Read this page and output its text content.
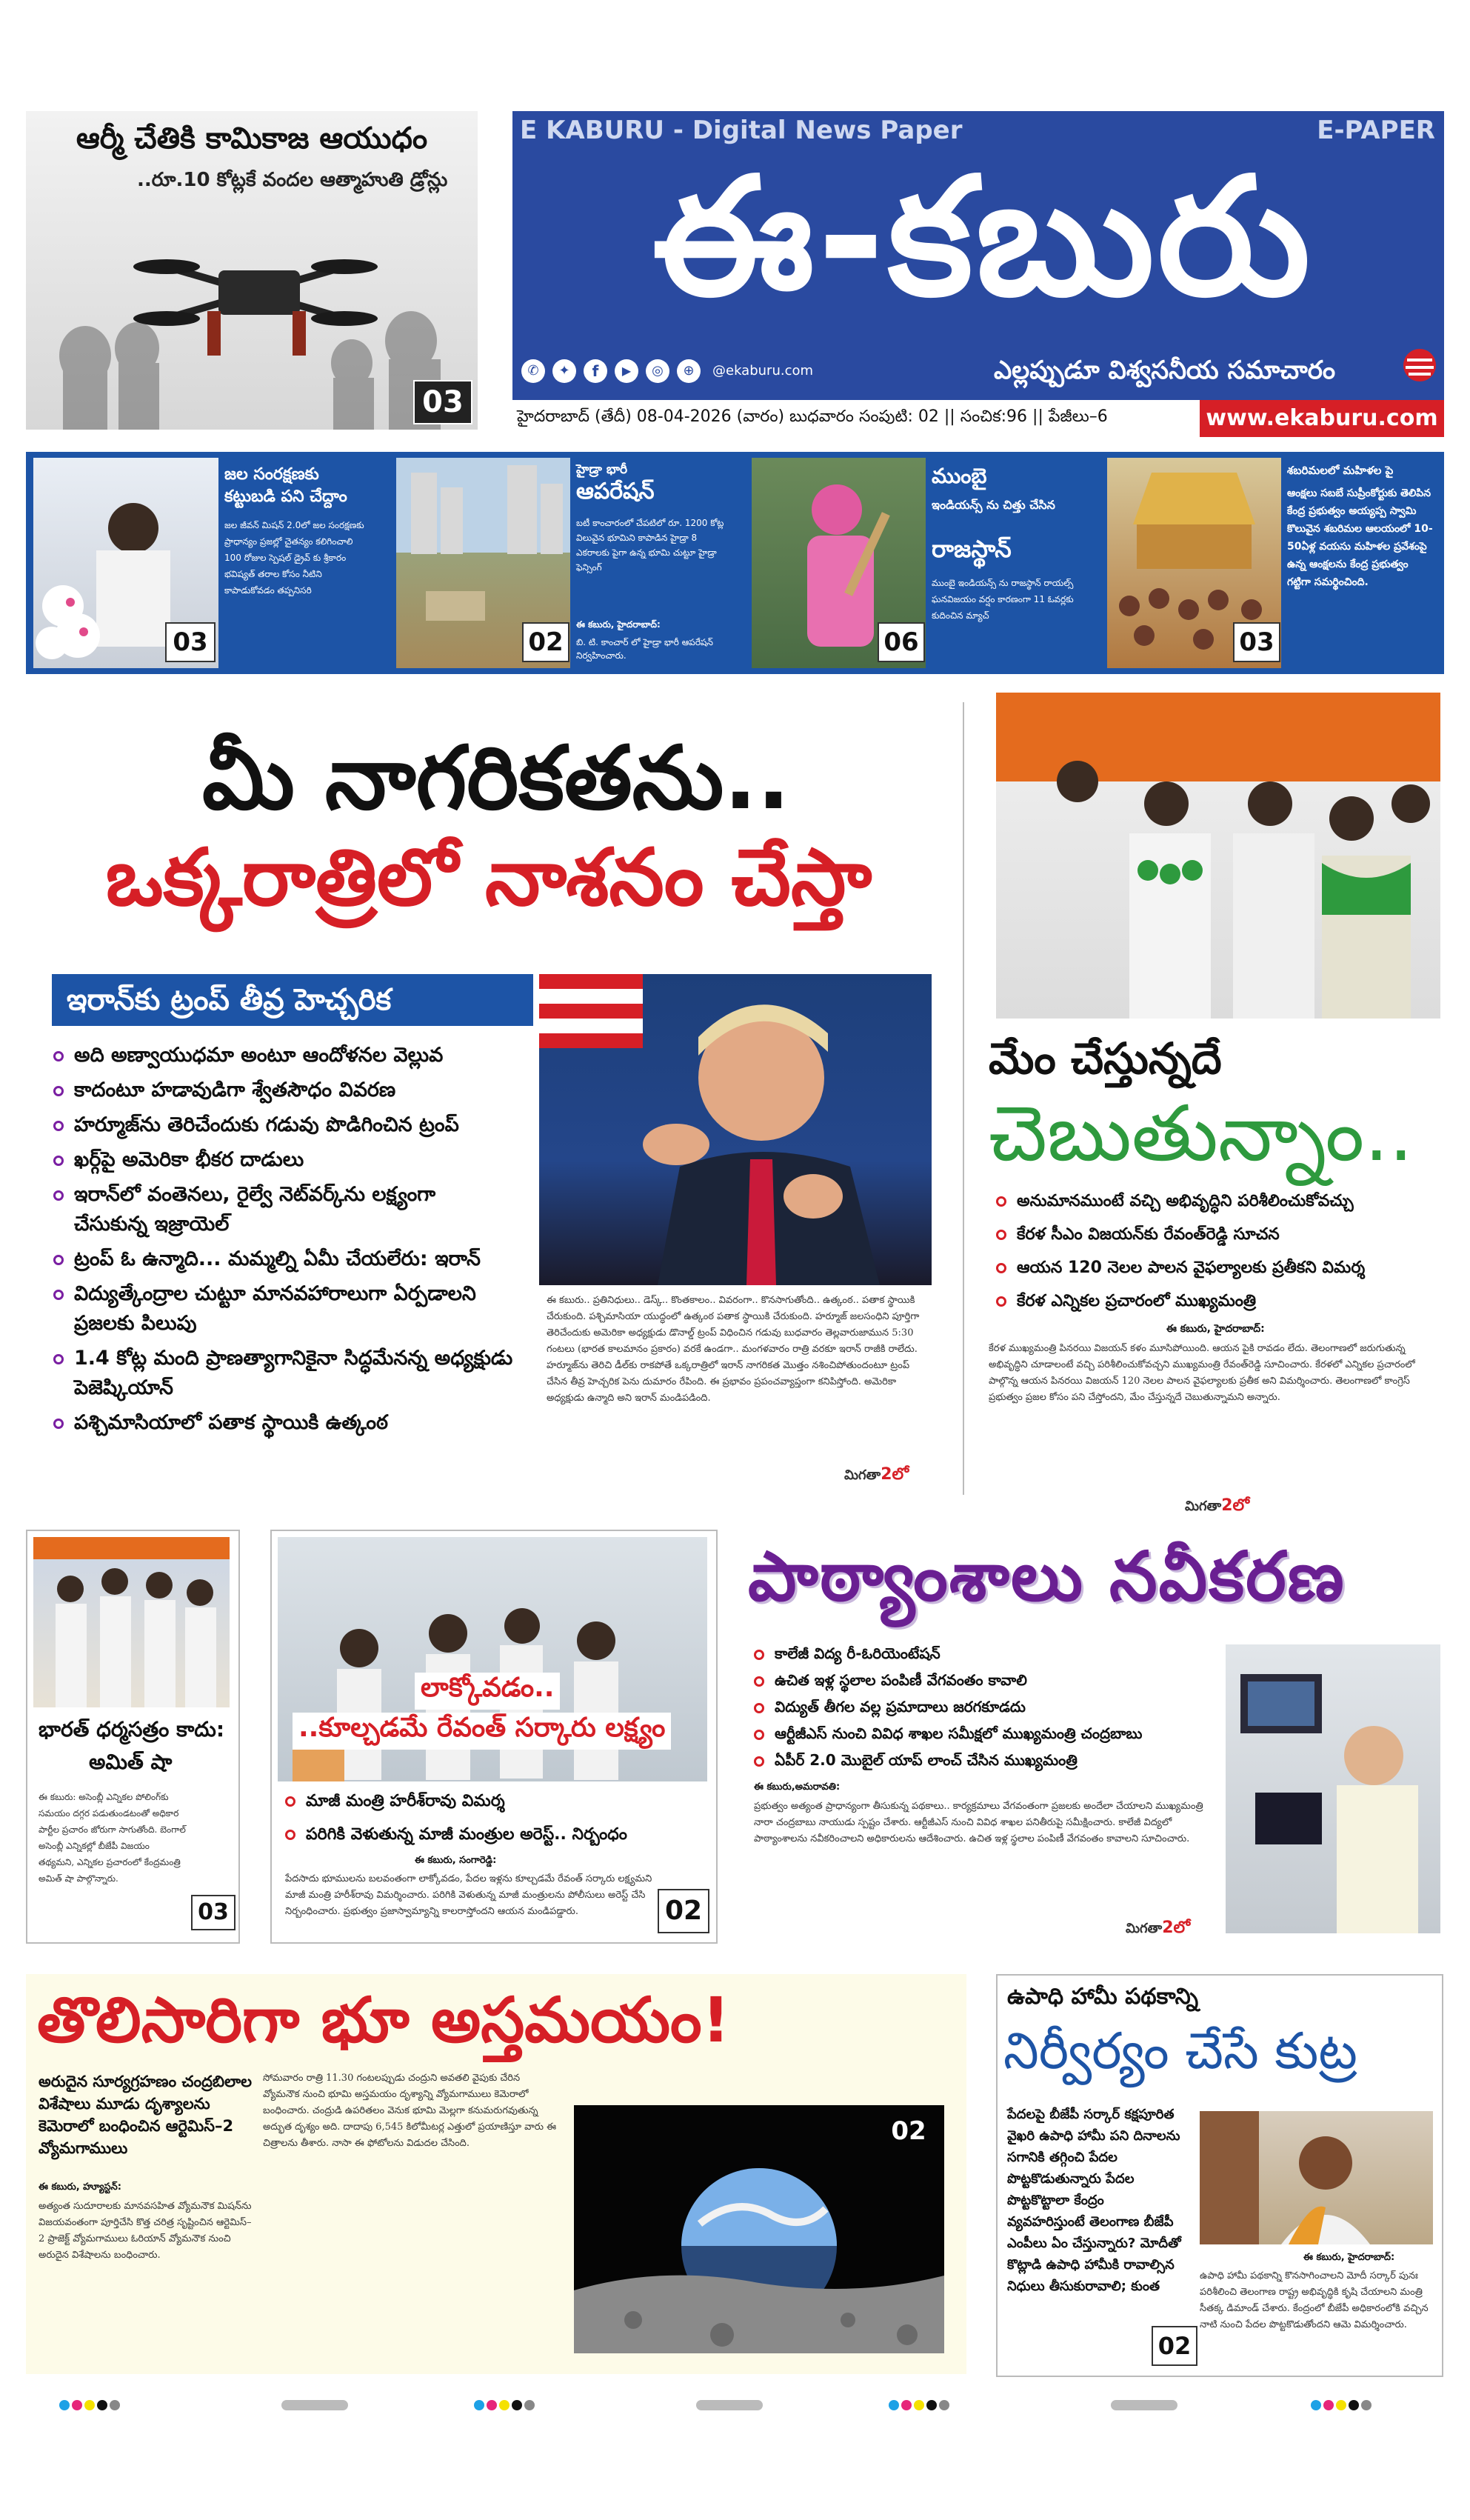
ఆర్మీ చేతికి కామికాజ ఆయుధం
..రూ.10 కోట్లకే వందల ఆత్మాహుతి డ్రోన్లు
03
E KABURU - Digital News Paper	E-PAPER
ఈ-కబురు
ఎల్లప్పుడూ విశ్వసనీయ సమాచారం
✆	✦	f	▶	◎	⊕	@ekaburu.com
హైదరాబాద్ (తేదీ) 08-04-2026 (వారం) బుధవారం సంపుటి: 02 || సంచిక:96 || పేజీలు–6	www.ekaburu.com
జల సంరక్షణకు కట్టుబడి పని చేద్దాం
జల జీవన్ మిషన్ 2.0లో జల సంరక్షణకు ప్రాధాన్యం ప్రజల్లో చైతన్యం కలిగించాలి 100 రోజుల స్పెషల్ డ్రైవ్ కు శ్రీకారం భవిష్యత్ తరాల కోసం నీటిని కాపాడుకోవడం తప్పనిసరి
03
హైడ్రా భారీ
ఆపరేషన్
బటీ కాంచారంలో చేపటిలో రూ. 1200 కోట్ల విలువైన భూమిని కాపాడిన హైడ్రా 8 ఎకరాలకు పైగా ఉన్న భూమి చుట్టూ హైడ్రా ఫెన్సింగ్
ఈ కబురు, హైదరాబాద్:
బి. టి. కాంచార్ లో హైడ్రా భారీ ఆపరేషన్ నిర్వహించారు.
02
ముంబై
ఇండియన్స్ ను చిత్తు చేసిన
రాజస్థాన్
ముంబై ఇండియన్స్ ను రాజస్థాన్ రాయల్స్ ఘనవిజయం వర్షం కారణంగా 11 ఓవర్లకు కుదించిన మ్యాచ్
06
శబరిమలలో మహిళల పై
ఆంక్షలు సబబే సుప్రీంకోర్టుకు తెలిపిన కేంద్ర ప్రభుత్వం అయ్యప్ప స్వామి కొలువైన శబరిమల ఆలయంలో 10-50ఏళ్ల వయసు మహిళల ప్రవేశంపై ఉన్న ఆంక్షలను కేంద్ర ప్రభుత్వం గట్టిగా సమర్థించింది.
03
మీ నాగరికతను..
ఒక్కరాత్రిలో నాశనం చేస్తా
ఇరాన్‌కు ట్రంప్ తీవ్ర హెచ్చరిక
అది అణ్వాయుధమా అంటూ ఆందోళనల వెల్లువ
కాదంటూ హడావుడిగా శ్వేతసౌధం వివరణ
హర్మూజ్‌ను తెరిచేందుకు గడువు పొడిగించిన ట్రంప్
ఖర్గ్‌పై అమెరికా భీకర దాడులు
ఇరాన్‌లో వంతెనలు, రైల్వే నెట్‌వర్క్‌ను లక్ష్యంగా
చేసుకున్న ఇజ్రాయెల్
ట్రంప్ ఓ ఉన్మాది... మమ్మల్ని ఏమీ చేయలేరు: ఇరాన్
విద్యుత్కేంద్రాల చుట్టూ మానవహారాలుగా ఏర్పడాలని
ప్రజలకు పిలుపు
1.4 కోట్ల మంది ప్రాణత్యాగానికైనా సిద్ధమేనన్న అధ్యక్షుడు
పెజెష్కియాన్
పశ్చిమాసియాలో పతాక స్థాయికి ఉత్కంఠ
ఈ కబురు.. ప్రతినిధులు.. డెస్క్.. కొంతకాలం.. వివరంగా.. కొనసాగుతోంది.. ఉత్కంఠ.. పతాక స్థాయికి చేరుకుంది. పశ్చిమాసియా యుద్ధంలో ఉత్కంఠ పతాక స్థాయికి చేరుకుంది. హర్మూజ్ జలసంధిని పూర్తిగా తెరిచేందుకు అమెరికా అధ్యక్షుడు డొనాల్డ్ ట్రంప్ విధించిన గడువు బుధవారం తెల్లవారుజామున 5:30 గంటలు (భారత కాలమానం ప్రకారం) వరకే ఉండగా.. మంగళవారం రాత్రి వరకూ ఇరాన్ రాజీకి రాలేదు. హర్మూజ్‌ను తెరిచి డీల్‌కు రాకపోతే ఒక్కరాత్రిలో ఇరాన్ నాగరికత మొత్తం నశించిపోతుందంటూ ట్రంప్ చేసిన తీవ్ర హెచ్చరిక పెను దుమారం రేపింది. ఈ ప్రభావం ప్రపంచవ్యాప్తంగా కనిపిస్తోంది. అమెరికా అధ్యక్షుడు ఉన్మాది అని ఇరాన్ మండిపడింది.
మిగతా2లో
మేం చేస్తున్నదే
చెబుతున్నాం..
అనుమానముంటే వచ్చి అభివృద్ధిని పరిశీలించుకోవచ్చు
కేరళ సీఎం విజయన్‌కు రేవంత్‌రెడ్డి సూచన
ఆయన 120 నెలల పాలన వైఫల్యాలకు ప్రతీకని విమర్శ
కేరళ ఎన్నికల ప్రచారంలో ముఖ్యమంత్రి
ఈ కబురు, హైదరాబాద్:
కేరళ ముఖ్యమంత్రి పినరయి విజయన్ కళం మూసిపోయింది. ఆయన పైకి రావడం లేదు. తెలంగాణలో జరుగుతున్న అభివృద్ధిని చూడాలంటే వచ్చి పరిశీలించుకోవచ్చని ముఖ్యమంత్రి రేవంత్‌రెడ్డి సూచించారు. కేరళలో ఎన్నికల ప్రచారంలో పాల్గొన్న ఆయన పినరయి విజయన్ 120 నెలల పాలన వైఫల్యాలకు ప్రతీక అని విమర్శించారు. తెలంగాణలో కాంగ్రెస్ ప్రభుత్వం ప్రజల కోసం పని చేస్తోందని, మేం చేస్తున్నదే చెబుతున్నామని అన్నారు.
మిగతా2లో
భారత్ ధర్మసత్రం కాదు:
అమిత్ షా
ఈ కబురు: అసెంబ్లీ ఎన్నికల పోలింగ్‌కు సమయం దగ్గర పడుతుండటంతో అధికార పార్టీల ప్రచారం జోరుగా సాగుతోంది. బెంగాల్ అసెంబ్లీ ఎన్నికల్లో బీజేపీ విజయం తథ్యమని, ఎన్నికల ప్రచారంలో కేంద్రమంత్రి అమిత్ షా పాల్గొన్నారు.
03
లాక్కోవడం..
..కూల్చడమే రేవంత్ సర్కారు లక్ష్యం
మాజీ మంత్రి హరీశ్‌రావు విమర్శ
పరిగికి వెళుతున్న మాజీ మంత్రుల అరెస్ట్.. నిర్బంధం
ఈ కబురు, సంగారెడ్డి:
పేదసాదు భూములను బలవంతంగా లాక్కోవడం, పేదల ఇళ్లను కూల్చడమే రేవంత్ సర్కారు లక్ష్యమని మాజీ మంత్రి హరీశ్‌రావు విమర్శించారు. పరిగికి వెళుతున్న మాజీ మంత్రులను పోలీసులు అరెస్ట్ చేసి నిర్బంధించారు. ప్రభుత్వం ప్రజాస్వామ్యాన్ని కాలరాస్తోందని ఆయన మండిపడ్డారు.	02
పాఠ్యాంశాలు నవీకరణ
కాలేజీ విద్య రీ-ఓరియెంటేషన్
ఉచిత ఇళ్ల స్థలాల పంపిణీ వేగవంతం కావాలి
విద్యుత్ తీగల వల్ల ప్రమాదాలు జరగకూడదు
ఆర్టీజీఎస్ నుంచి వివిధ శాఖల సమీక్షలో ముఖ్యమంత్రి చంద్రబాబు
ఏపీర్ 2.0 మొబైల్ యాప్ లాంచ్ చేసిన ముఖ్యమంత్రి
ఈ కబురు,అమరావతి:
ప్రభుత్వం అత్యంత ప్రాధాన్యంగా తీసుకున్న పథకాలు.. కార్యక్రమాలు వేగవంతంగా ప్రజలకు అందేలా చేయాలని ముఖ్యమంత్రి నారా చంద్రబాబు నాయుడు స్పష్టం చేశారు. ఆర్టీజీఎస్ నుంచి వివిధ శాఖల పనితీరుపై సమీక్షించారు. కాలేజీ విద్యలో పాఠ్యాంశాలను నవీకరించాలని అధికారులను ఆదేశించారు. ఉచిత ఇళ్ల స్థలాల పంపిణీ వేగవంతం కావాలని సూచించారు.
మిగతా2లో
తొలిసారిగా భూ అస్తమయం!
అరుదైన సూర్యగ్రహణం చంద్రబిలాల విశేషాలు మూడు దృశ్యాలను కెమెరాలో బంధించిన ఆర్టెమిస్–2 వ్యోమగాములు
ఈ కబురు, హ్యూస్టన్:
అత్యంత సుదూరాలకు మానవసహిత వ్యోమనౌక మిషన్‌ను విజయవంతంగా పూర్తిచేసి కొత్త చరిత్ర సృష్టించిన ఆర్టెమిస్–2 ప్రాజెక్ట్ వ్యోమగాములు ఓరియాన్ వ్యోమనౌక నుంచి అరుదైన విశేషాలను బంధించారు.
సోమవారం రాత్రి 11.30 గంటలప్పుడు చంద్రుని అవతలి వైపుకు చేరిన వ్యోమనౌక నుంచి భూమి అస్తమయం దృశ్యాన్ని వ్యోమగాములు కెమెరాలో బంధించారు. చంద్రుడి ఉపరితలం వెనుక భూమి మెల్లగా కనుమరుగవుతున్న అద్భుత దృశ్యం అది. దాదాపు 6,545 కిలోమీటర్ల ఎత్తులో ప్రయాణిస్తూ వారు ఈ చిత్రాలను తీశారు. నాసా ఈ ఫోటోలను విడుదల చేసింది.	02
ఉపాధి హామీ పథకాన్ని
నిర్వీర్యం చేసే కుట్ర
పేదలపై బీజేపీ సర్కార్ కక్షపూరిత వైఖరి ఉపాధి హామీ పని దినాలను సగానికి తగ్గించి పేదల పొట్టకొడుతున్నారు పేదల పొట్టకొట్టాలా కేంద్రం వ్యవహరిస్తుంటే తెలంగాణ బీజేపీ ఎంపీలు ఏం చేస్తున్నారు? మోదీతో కొట్లాడి ఉపాధి హామీకి రావాల్సిన నిధులు తీసుకురావాలి; కుంత
ఈ కబురు, హైదరాబాద్:
ఉపాధి హామీ పథకాన్ని కొనసాగించాలని మోదీ సర్కార్ పునః పరిశీలించి తెలంగాణ రాష్ట్ర అభివృద్ధికి కృషి చేయాలని మంత్రి సీతక్క డిమాండ్ చేశారు. కేంద్రంలో బీజేపీ అధికారంలోకి వచ్చిన నాటి నుంచి పేదల పొట్టకొడుతోందని ఆమె విమర్శించారు.
02
